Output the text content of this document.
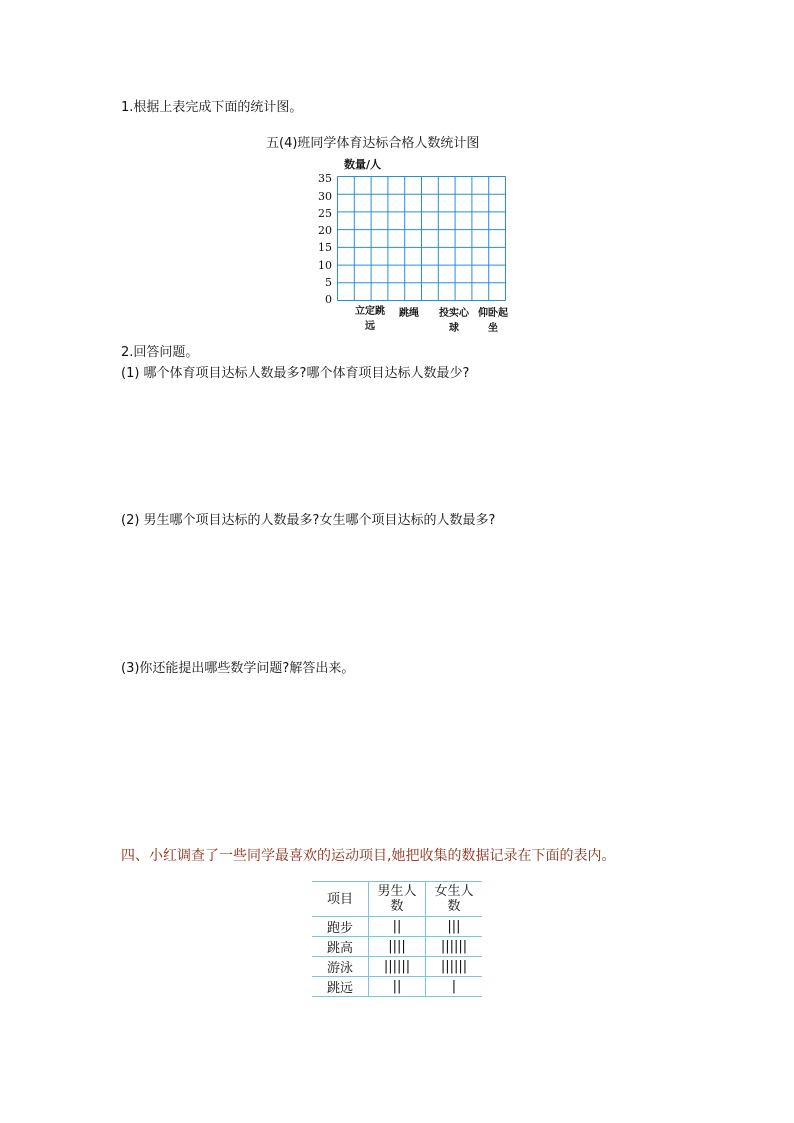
1.根据上表完成下面的统计图。
五(4)班同学体育达标合格人数统计图
数量/人
35
30
25
20
15
10
5
0
立定跳远
跳绳	投实心球
仰卧起坐
2.回答问题。
(1) 哪个体育项目达标人数最多?哪个体育项目达标人数最少?
(2) 男生哪个项目达标的人数最多?女生哪个项目达标的人数最多?
(3)你还能提出哪些数学问题?解答出来。
四、小红调查了一些同学最喜欢的运动项目,她把收集的数据记录在下面的表内。
项目	男生人数	女生人数

跑步	||	|||
跳高	||||	||||||
游泳	||||||	||||||
跳远	||	|
